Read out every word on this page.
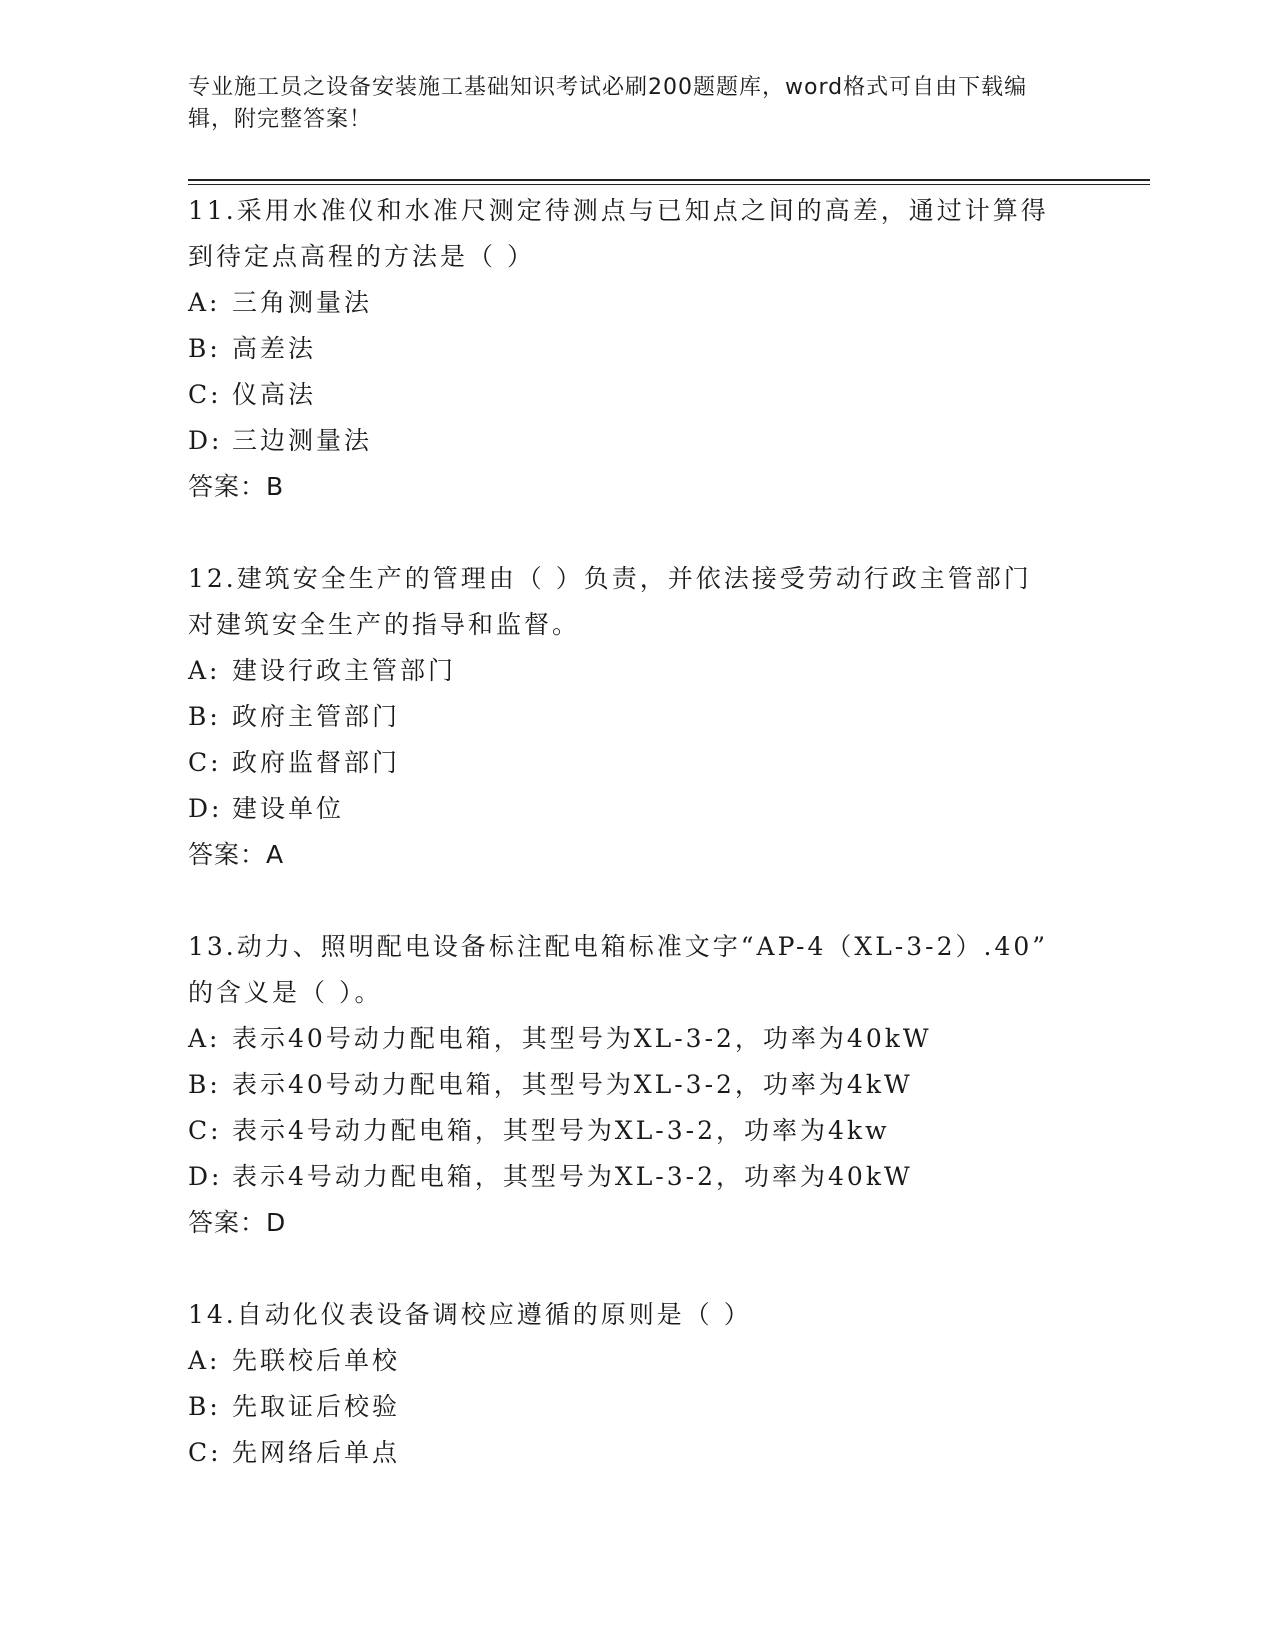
专业施工员之设备安装施工基础知识考试必刷200题题库，word格式可自由下载编辑，附完整答案！
11.采用水准仪和水准尺测定待测点与已知点之间的高差，通过计算得
到待定点高程的方法是（ ）
A: 三角测量法
B: 高差法
C: 仪高法
D: 三边测量法
答案：B
12.建筑安全生产的管理由（ ）负责，并依法接受劳动行政主管部门
对建筑安全生产的指导和监督。
A: 建设行政主管部门
B: 政府主管部门
C: 政府监督部门
D: 建设单位
答案：A
13.动力、照明配电设备标注配电箱标准文字“AP-4（XL-3-2）.40”
的含义是（ ）。
A: 表示40号动力配电箱，其型号为XL-3-2，功率为40kW
B: 表示40号动力配电箱，其型号为XL-3-2，功率为4kW
C: 表示4号动力配电箱，其型号为XL-3-2，功率为4kw
D: 表示4号动力配电箱，其型号为XL-3-2，功率为40kW
答案：D
14.自动化仪表设备调校应遵循的原则是（ ）
A: 先联校后单校
B: 先取证后校验
C: 先网络后单点
